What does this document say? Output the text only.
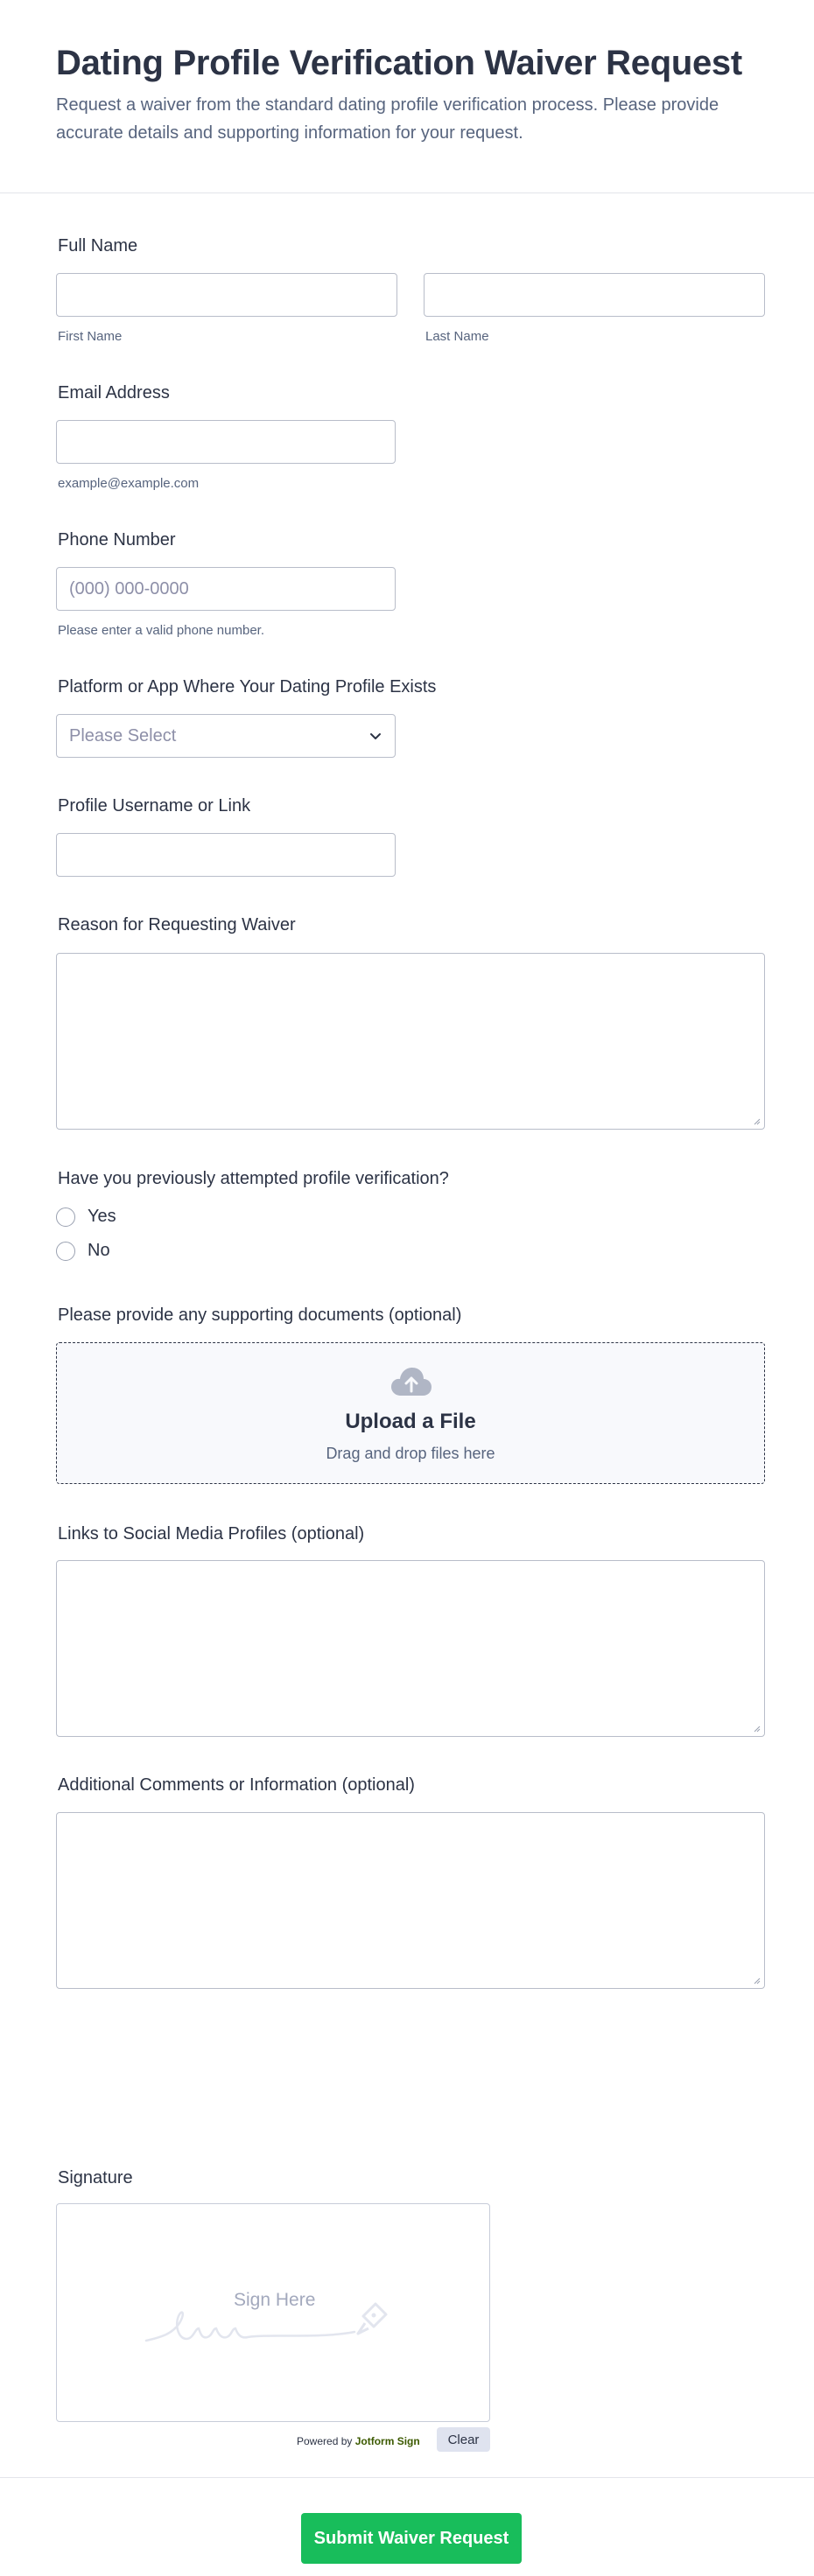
Dating Profile Verification Waiver Request

Request a waiver from the standard dating profile verification process. Please provide accurate details and supporting information for your request.

Full Name
First Name	Last Name
Email Address
example@example.com
Phone Number
(000) 000-0000
Please enter a valid phone number.
Platform or App Where Your Dating Profile Exists
Please Select
Profile Username or Link
Reason for Requesting Waiver
Have you previously attempted profile verification?
Yes
No
Please provide any supporting documents (optional)
Upload a File
Drag and drop files here
Links to Social Media Profiles (optional)
Additional Comments or Information (optional)
Signature
Sign Here
Powered by Jotform Sign	Clear
Submit Waiver Request
